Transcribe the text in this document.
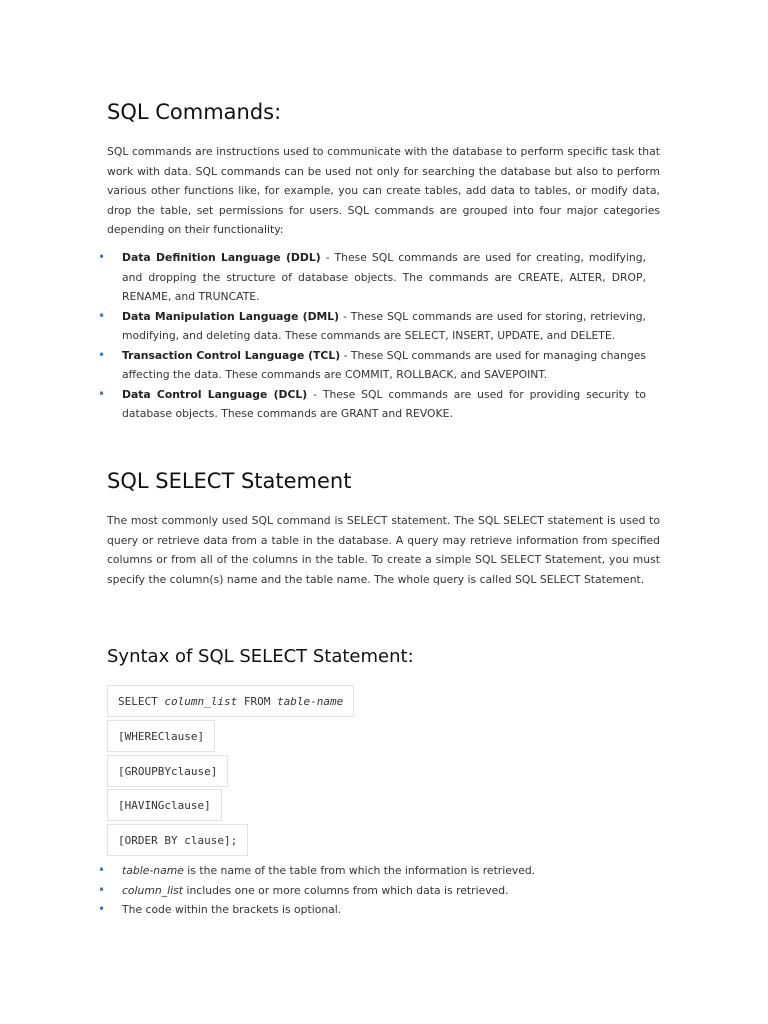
SQL Commands:

SQL commands are instructions used to communicate with the database to perform specific task that work with data. SQL commands can be used not only for searching the database but also to perform various other functions like, for example, you can create tables, add data to tables, or modify data, drop the table, set permissions for users. SQL commands are grouped into four major categories depending on their functionality:

• Data Definition Language (DDL) - These SQL commands are used for creating, modifying, and dropping the structure of database objects. The commands are CREATE, ALTER, DROP, RENAME, and TRUNCATE.
• Data Manipulation Language (DML) - These SQL commands are used for storing, retrieving, modifying, and deleting data. These commands are SELECT, INSERT, UPDATE, and DELETE.
• Transaction Control Language (TCL) - These SQL commands are used for managing changes affecting the data. These commands are COMMIT, ROLLBACK, and SAVEPOINT.
• Data Control Language (DCL) - These SQL commands are used for providing security to database objects. These commands are GRANT and REVOKE.
SQL SELECT Statement

The most commonly used SQL command is SELECT statement. The SQL SELECT statement is used to query or retrieve data from a table in the database. A query may retrieve information from specified columns or from all of the columns in the table. To create a simple SQL SELECT Statement, you must specify the column(s) name and the table name. The whole query is called SQL SELECT Statement.

Syntax of SQL SELECT Statement:
SELECT column_list FROM table-name
[WHEREClause]
[GROUPBYclause]
[HAVINGclause]
[ORDER BY clause];
• table-name is the name of the table from which the information is retrieved.
• column_list includes one or more columns from which data is retrieved.
• The code within the brackets is optional.
